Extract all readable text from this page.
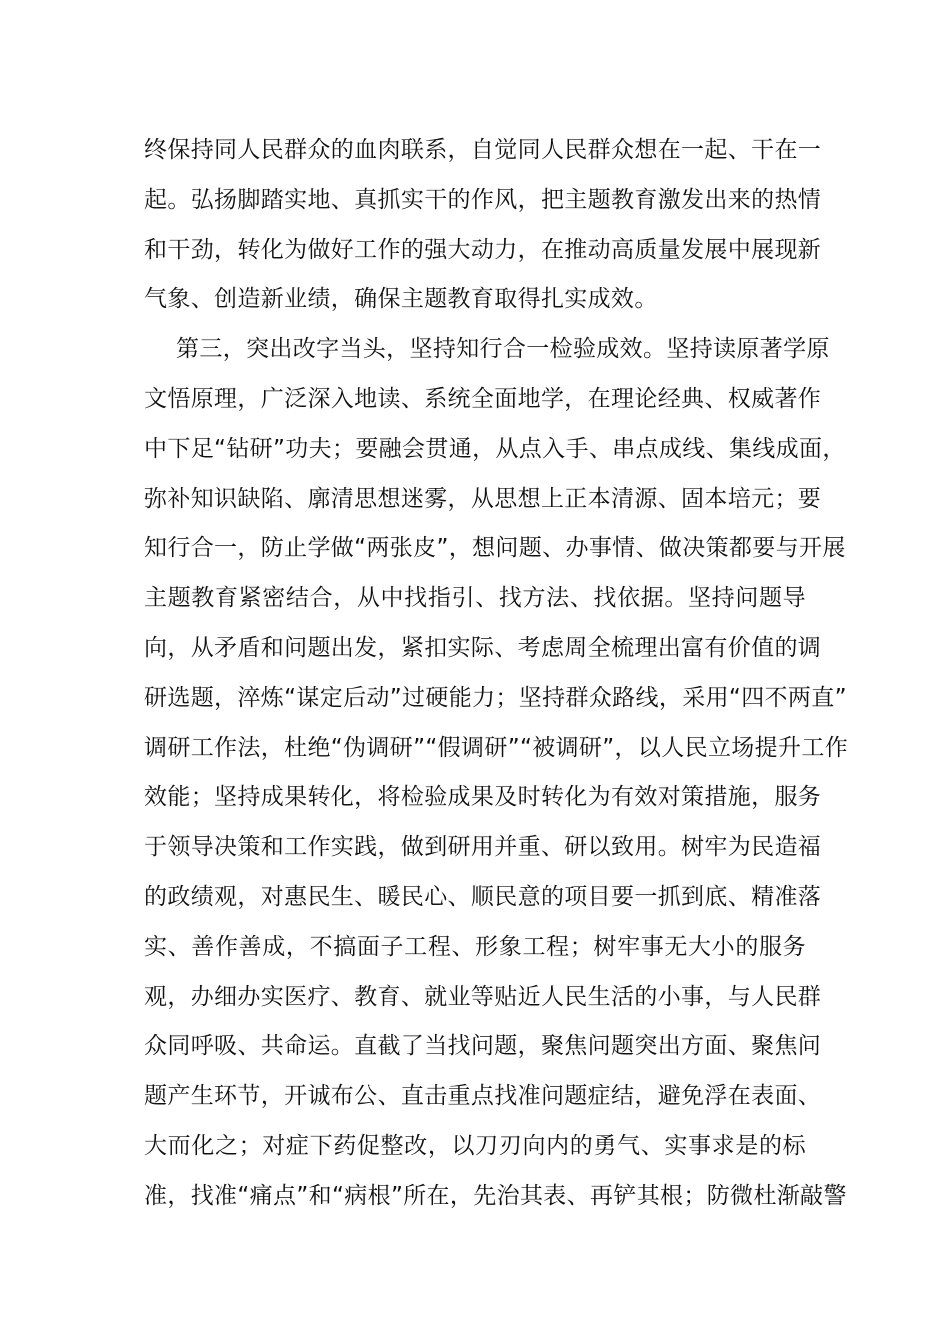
终保持同人民群众的血肉联系，自觉同人民群众想在一起、干在一
起。弘扬脚踏实地、真抓实干的作风，把主题教育激发出来的热情
和干劲，转化为做好工作的强大动力，在推动高质量发展中展现新
气象、创造新业绩，确保主题教育取得扎实成效。
第三，突出改字当头，坚持知行合一检验成效。坚持读原著学原
文悟原理，广泛深入地读、系统全面地学，在理论经典、权威著作
中下足“钻研”功夫；要融会贯通，从点入手、串点成线、集线成面，
弥补知识缺陷、廓清思想迷雾，从思想上正本清源、固本培元；要
知行合一，防止学做“两张皮”，想问题、办事情、做决策都要与开展
主题教育紧密结合，从中找指引、找方法、找依据。坚持问题导
向，从矛盾和问题出发，紧扣实际、考虑周全梳理出富有价值的调
研选题，淬炼“谋定后动”过硬能力；坚持群众路线，采用“四不两直”
调研工作法，杜绝“伪调研”“假调研”“被调研”，以人民立场提升工作
效能；坚持成果转化，将检验成果及时转化为有效对策措施，服务
于领导决策和工作实践，做到研用并重、研以致用。树牢为民造福
的政绩观，对惠民生、暖民心、顺民意的项目要一抓到底、精准落
实、善作善成，不搞面子工程、形象工程；树牢事无大小的服务
观，办细办实医疗、教育、就业等贴近人民生活的小事，与人民群
众同呼吸、共命运。直截了当找问题，聚焦问题突出方面、聚焦问
题产生环节，开诚布公、直击重点找准问题症结，避免浮在表面、
大而化之；对症下药促整改，以刀刃向内的勇气、实事求是的标
准，找准“痛点”和“病根”所在，先治其表、再铲其根；防微杜渐敲警
